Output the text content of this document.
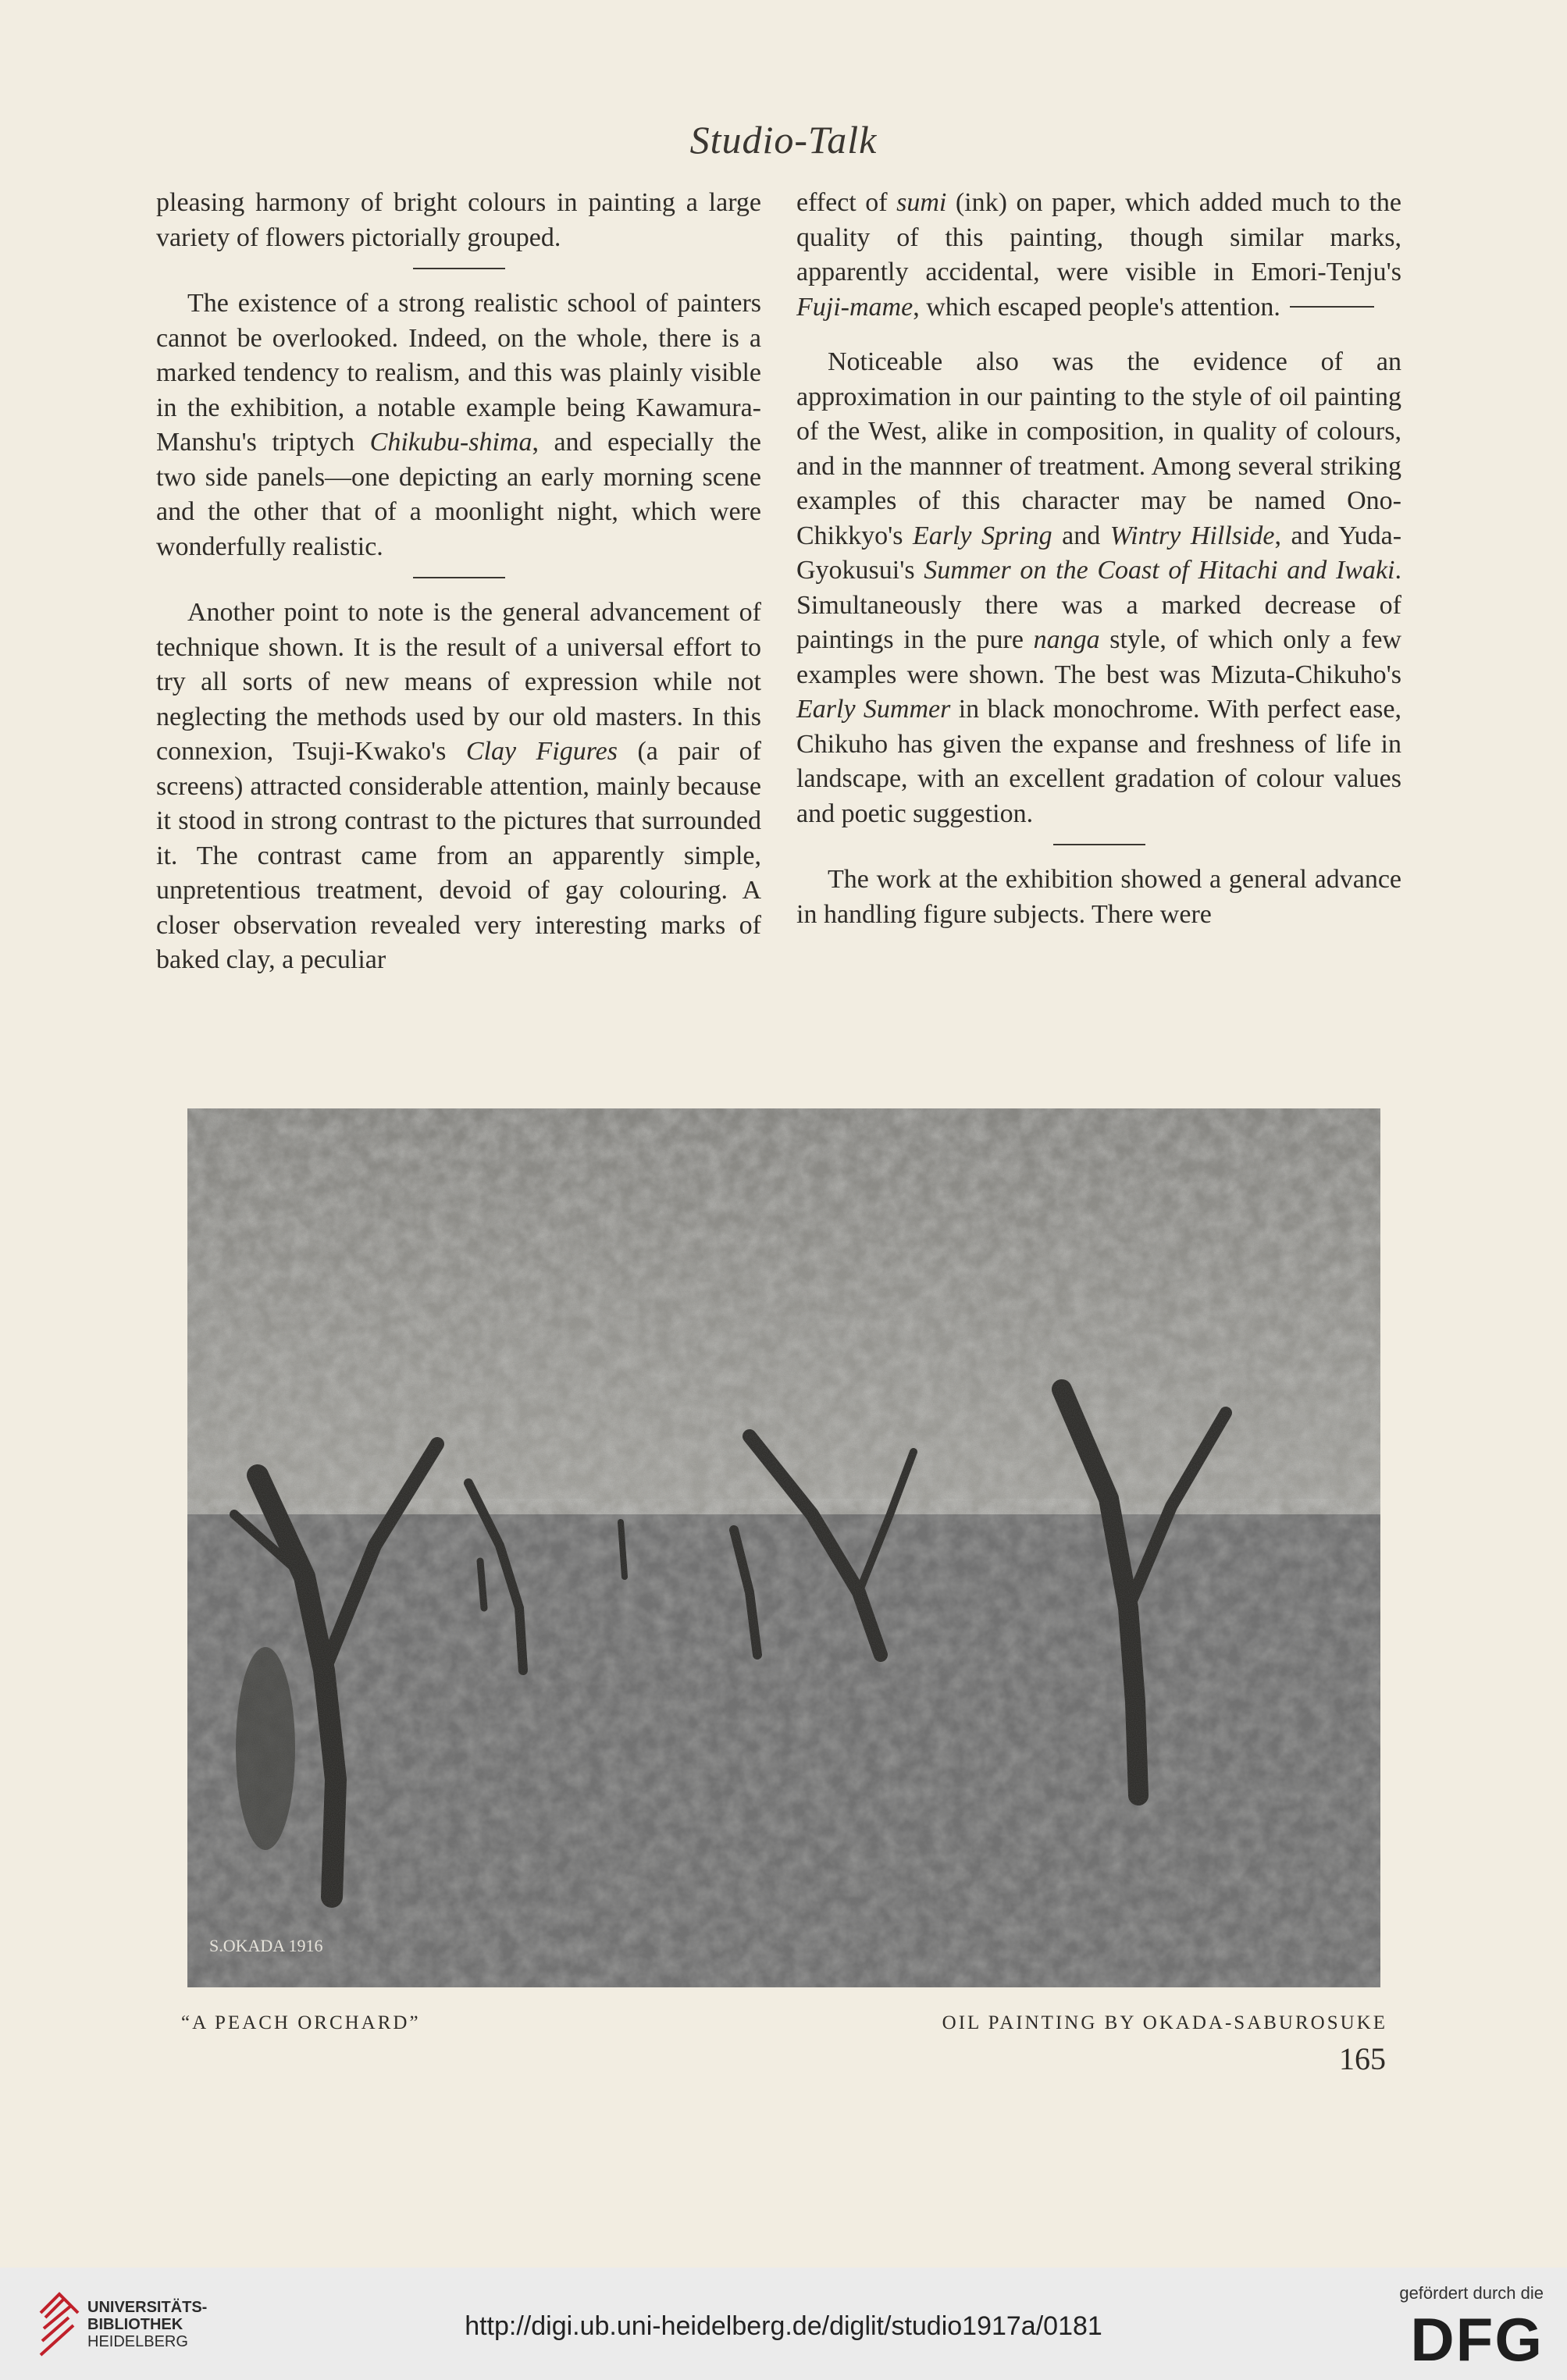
Studio-Talk

pleasing harmony of bright colours in painting a large variety of flowers pictorially grouped.

The existence of a strong realistic school of painters cannot be overlooked. Indeed, on the whole, there is a marked tendency to realism, and this was plainly visible in the exhibition, a notable example being Kawamura-Manshu's triptych Chikubu-shima, and especially the two side panels—one depicting an early morning scene and the other that of a moonlight night, which were wonderfully realistic.

Another point to note is the general advancement of technique shown. It is the result of a universal effort to try all sorts of new means of expression while not neglecting the methods used by our old masters. In this connexion, Tsuji-Kwako's Clay Figures (a pair of screens) attracted considerable attention, mainly because it stood in strong contrast to the pictures that surrounded it. The contrast came from an apparently simple, unpretentious treatment, devoid of gay colouring. A closer observation revealed very interesting marks of baked clay, a peculiar

effect of sumi (ink) on paper, which added much to the quality of this painting, though similar marks, apparently accidental, were visible in Emori-Tenju's Fuji-mame, which escaped people's attention.

Noticeable also was the evidence of an approximation in our painting to the style of oil painting of the West, alike in composition, in quality of colours, and in the mannner of treatment. Among several striking examples of this character may be named Ono-Chikkyo's Early Spring and Wintry Hillside, and Yuda-Gyokusui's Summer on the Coast of Hitachi and Iwaki. Simultaneously there was a marked decrease of paintings in the pure nanga style, of which only a few examples were shown. The best was Mizuta-Chikuho's Early Summer in black monochrome. With perfect ease, Chikuho has given the expanse and freshness of life in landscape, with an excellent gradation of colour values and poetic suggestion.

The work at the exhibition showed a general advance in handling figure subjects. There were

S.OKADA 1916
“A PEACH ORCHARD”	OIL PAINTING BY OKADA-SABUROSUKE
165
UNIVERSITÄTS-
BIBLIOTHEK
HEIDELBERG
http://digi.ub.uni-heidelberg.de/diglit/studio1917a/0181
gefördert durch die
DFG
